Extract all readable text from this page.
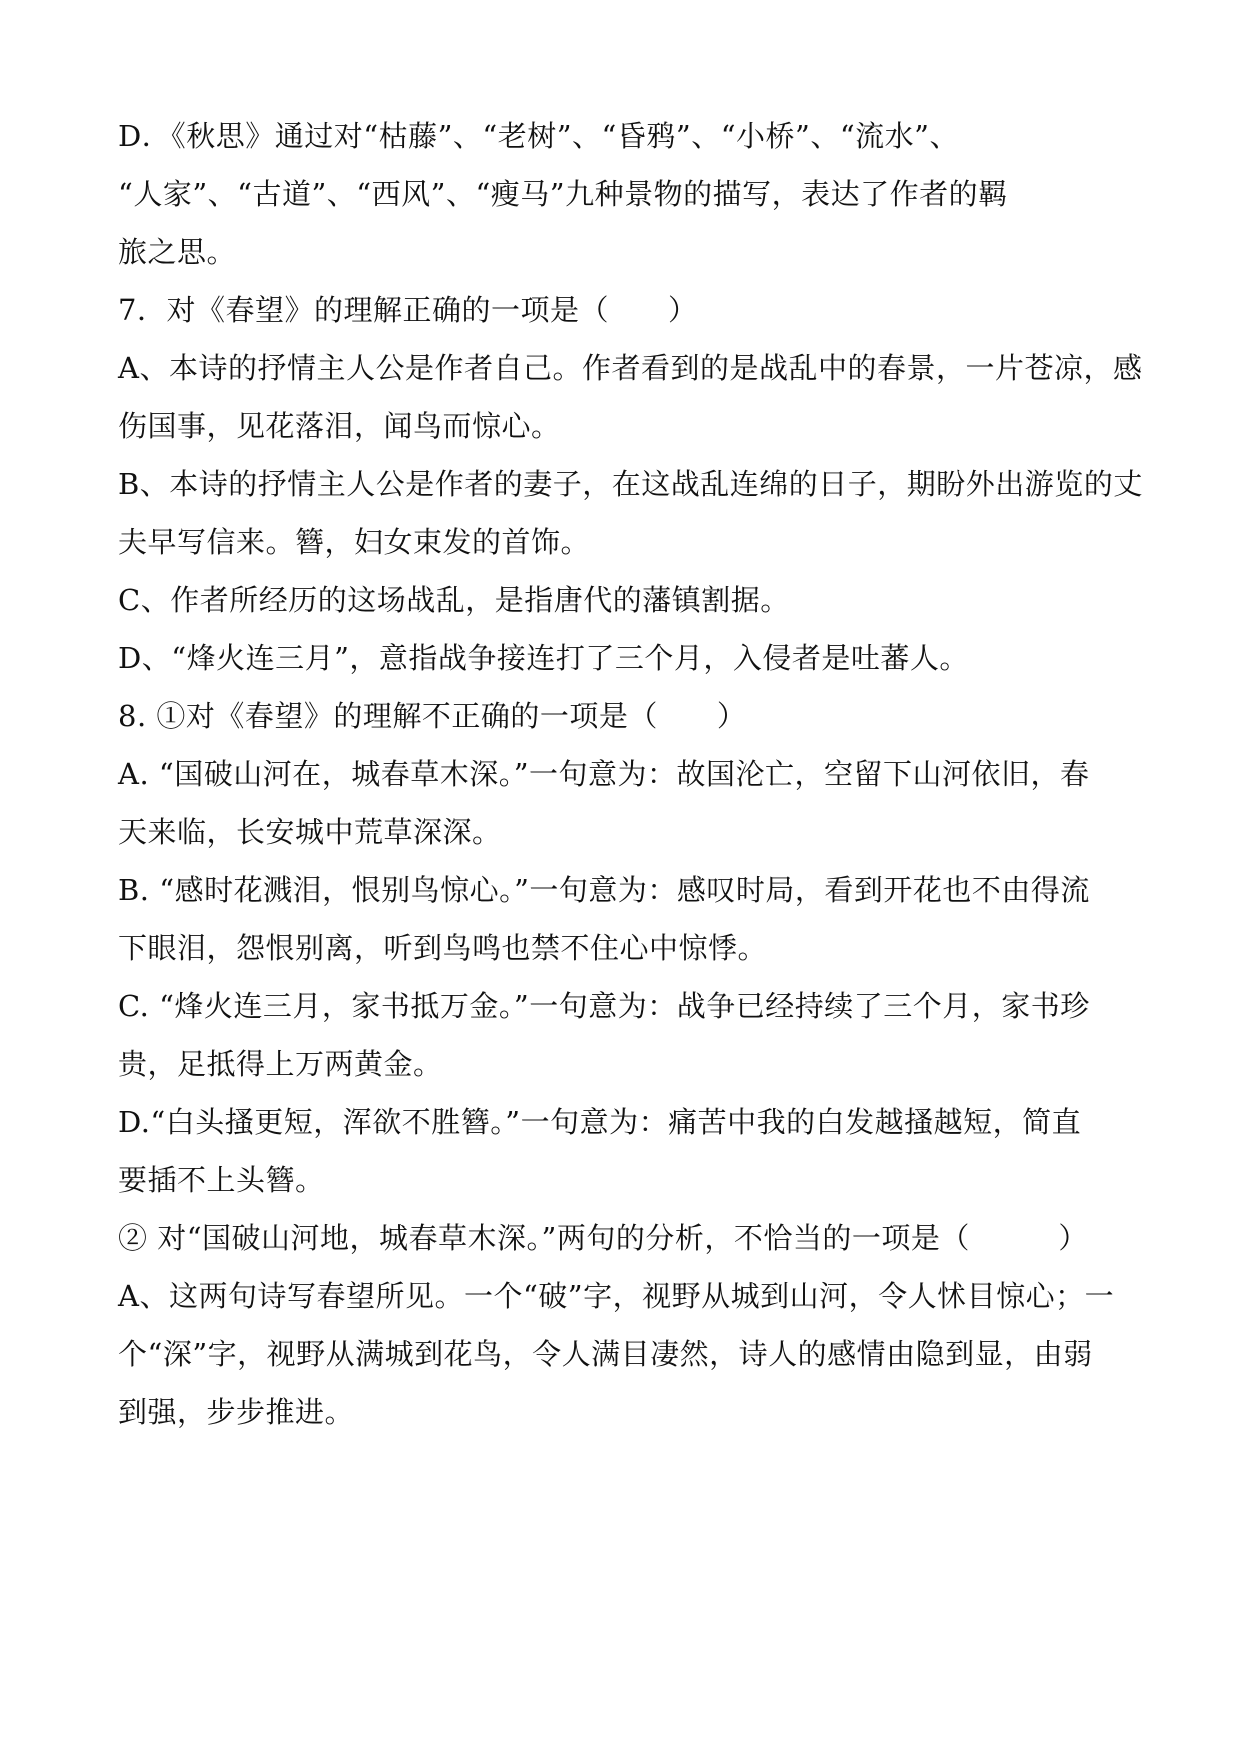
D．《秋思》通过对“枯藤”、“老树”、“昏鸦”、“小桥”、“流水”、
“人家”、“古道”、“西风”、“瘦马”九种景物的描写，表达了作者的羁
旅之思。
7．对《春望》的理解正确的一项是（　　）
A、本诗的抒情主人公是作者自己。作者看到的是战乱中的春景，一片苍凉，感
伤国事，见花落泪，闻鸟而惊心。
B、本诗的抒情主人公是作者的妻子，在这战乱连绵的日子，期盼外出游览的丈
夫早写信来。簪，妇女束发的首饰。
C、作者所经历的这场战乱，是指唐代的藩镇割据。
D、“烽火连三月”，意指战争接连打了三个月，入侵者是吐蕃人。
8. ①对《春望》的理解不正确的一项是（　　）
A. “国破山河在，城春草木深。”一句意为：故国沦亡，空留下山河依旧，春
天来临，长安城中荒草深深。
B. “感时花溅泪，恨别鸟惊心。”一句意为：感叹时局，看到开花也不由得流
下眼泪，怨恨别离，听到鸟鸣也禁不住心中惊悸。
C. “烽火连三月，家书抵万金。”一句意为：战争已经持续了三个月，家书珍
贵，足抵得上万两黄金。
D.“白头搔更短，浑欲不胜簪。”一句意为：痛苦中我的白发越搔越短，简直
要插不上头簪。
② 对“国破山河地，城春草木深。”两句的分析，不恰当的一项是（　　　）
A、这两句诗写春望所见。一个“破”字，视野从城到山河，令人怵目惊心；一
个“深”字，视野从满城到花鸟，令人满目凄然，诗人的感情由隐到显，由弱
到强，步步推进。
